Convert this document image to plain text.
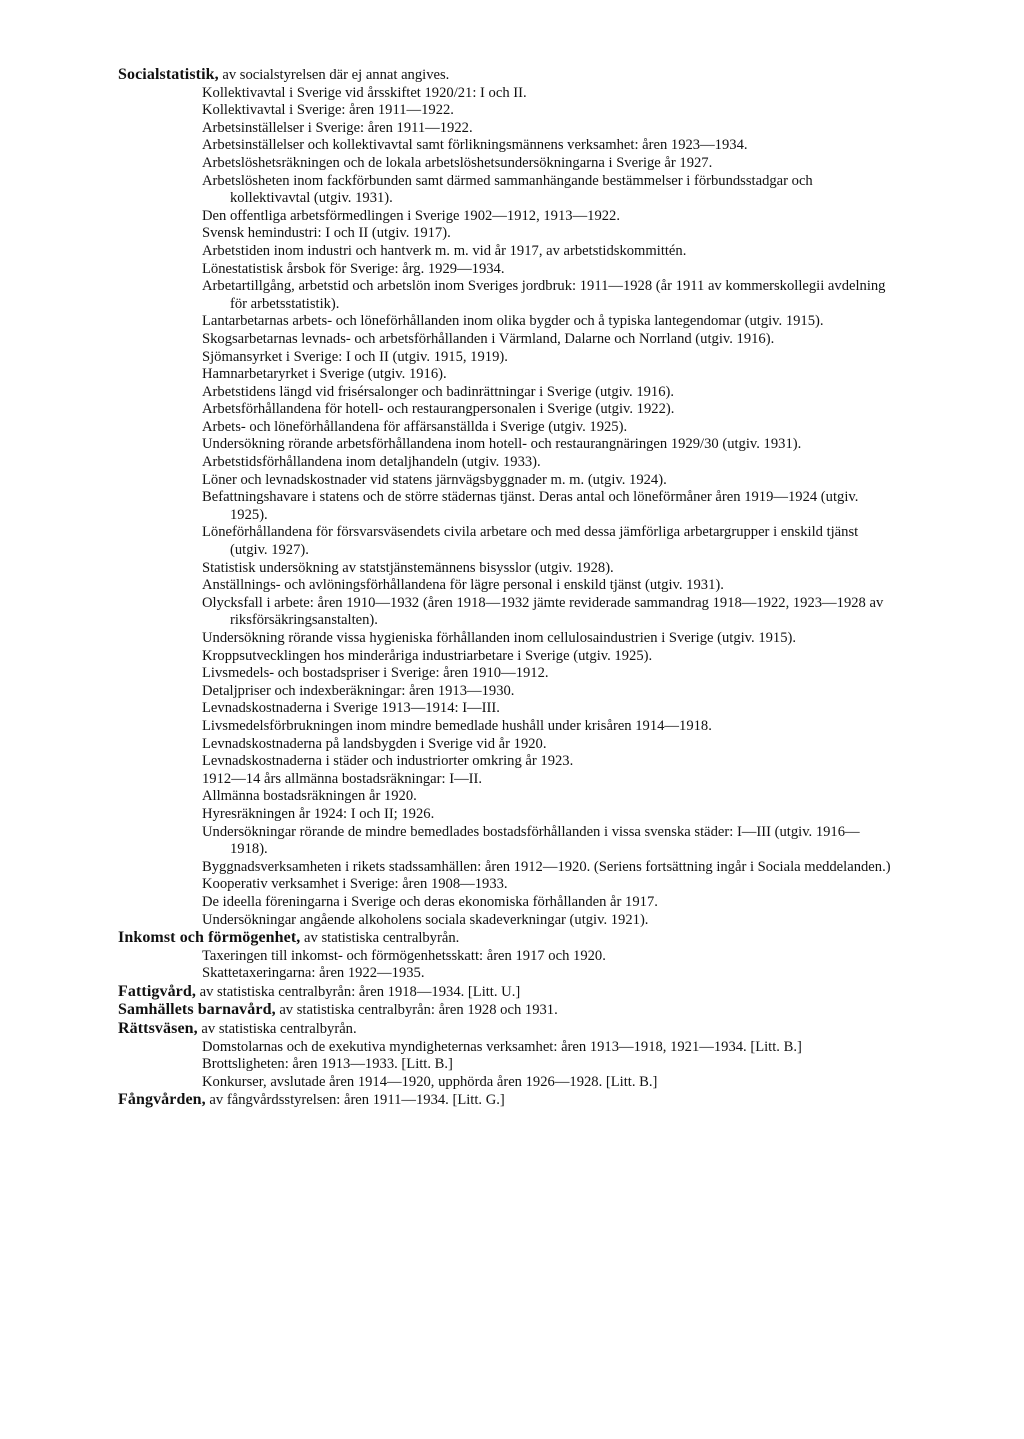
Socialstatistik, av socialstyrelsen där ej annat angives.
Kollektivavtal i Sverige vid årsskiftet 1920/21: I och II.
Kollektivavtal i Sverige: åren 1911—1922.
Arbetsinställelser i Sverige: åren 1911—1922.
Arbetsinställelser och kollektivavtal samt förlikningsmännens verksamhet: åren 1923—1934.
Arbetslöshetsräkningen och de lokala arbetslöshetsundersökningarna i Sverige år 1927.
Arbetslösheten inom fackförbunden samt därmed sammanhängande bestämmelser i förbundsstadgar och kollektivavtal (utgiv. 1931).
Den offentliga arbetsförmedlingen i Sverige 1902—1912, 1913—1922.
Svensk hemindustri: I och II (utgiv. 1917).
Arbetstiden inom industri och hantverk m. m. vid år 1917, av arbetstidskommittén.
Lönestatistisk årsbok för Sverige: årg. 1929—1934.
Arbetartillgång, arbetstid och arbetslön inom Sveriges jordbruk: 1911—1928 (år 1911 av kommerskollegii avdelning för arbetsstatistik).
Lantarbetarnas arbets- och löneförhållanden inom olika bygder och å typiska lantegendomar (utgiv. 1915).
Skogsarbetarnas levnads- och arbetsförhållanden i Värmland, Dalarne och Norrland (utgiv. 1916).
Sjömansyrket i Sverige: I och II (utgiv. 1915, 1919).
Hamnarbetaryrket i Sverige (utgiv. 1916).
Arbetstidens längd vid frisérsalonger och badinrättningar i Sverige (utgiv. 1916).
Arbetsförhållandena för hotell- och restaurangpersonalen i Sverige (utgiv. 1922).
Arbets- och löneförhållandena för affärsanställda i Sverige (utgiv. 1925).
Undersökning rörande arbetsförhållandena inom hotell- och restaurangnäringen 1929/30 (utgiv. 1931).
Arbetstidsförhållandena inom detaljhandeln (utgiv. 1933).
Löner och levnadskostnader vid statens järnvägsbyggnader m. m. (utgiv. 1924).
Befattningshavare i statens och de större städernas tjänst. Deras antal och löneförmåner åren 1919—1924 (utgiv. 1925).
Löneförhållandena för försvarsväsendets civila arbetare och med dessa jämförliga arbetargrupper i enskild tjänst (utgiv. 1927).
Statistisk undersökning av statstjänstemännens bisysslor (utgiv. 1928).
Anställnings- och avlöningsförhållandena för lägre personal i enskild tjänst (utgiv. 1931).
Olycksfall i arbete: åren 1910—1932 (åren 1918—1932 jämte reviderade sammandrag 1918—1922, 1923—1928 av riksförsäkringsanstalten).
Undersökning rörande vissa hygieniska förhållanden inom cellulosaindustrien i Sverige (utgiv. 1915).
Kroppsutvecklingen hos minderåriga industriarbetare i Sverige (utgiv. 1925).
Livsmedels- och bostadspriser i Sverige: åren 1910—1912.
Detaljpriser och indexberäkningar: åren 1913—1930.
Levnadskostnaderna i Sverige 1913—1914: I—III.
Livsmedelsförbrukningen inom mindre bemedlade hushåll under krisåren 1914—1918.
Levnadskostnaderna på landsbygden i Sverige vid år 1920.
Levnadskostnaderna i städer och industriorter omkring år 1923.
1912—14 års allmänna bostadsräkningar: I—II.
Allmänna bostadsräkningen år 1920.
Hyresräkningen år 1924: I och II; 1926.
Undersökningar rörande de mindre bemedlades bostadsförhållanden i vissa svenska städer: I—III (utgiv. 1916—1918).
Byggnadsverksamheten i rikets stadssamhällen: åren 1912—1920. (Seriens fortsättning ingår i Sociala meddelanden.)
Kooperativ verksamhet i Sverige: åren 1908—1933.
De ideella föreningarna i Sverige och deras ekonomiska förhållanden år 1917.
Undersökningar angående alkoholens sociala skadeverkningar (utgiv. 1921).
Inkomst och förmögenhet, av statistiska centralbyrån.
Taxeringen till inkomst- och förmögenhetsskatt: åren 1917 och 1920.
Skattetaxeringarna: åren 1922—1935.
Fattigvård, av statistiska centralbyrån: åren 1918—1934. [Litt. U.]
Samhällets barnavård, av statistiska centralbyrån: åren 1928 och 1931.
Rättsväsen, av statistiska centralbyrån.
Domstolarnas och de exekutiva myndigheternas verksamhet: åren 1913—1918, 1921—1934. [Litt. B.]
Brottsligheten: åren 1913—1933. [Litt. B.]
Konkurser, avslutade åren 1914—1920, upphörda åren 1926—1928. [Litt. B.]
Fångvården, av fångvårdsstyrelsen: åren 1911—1934. [Litt. G.]
